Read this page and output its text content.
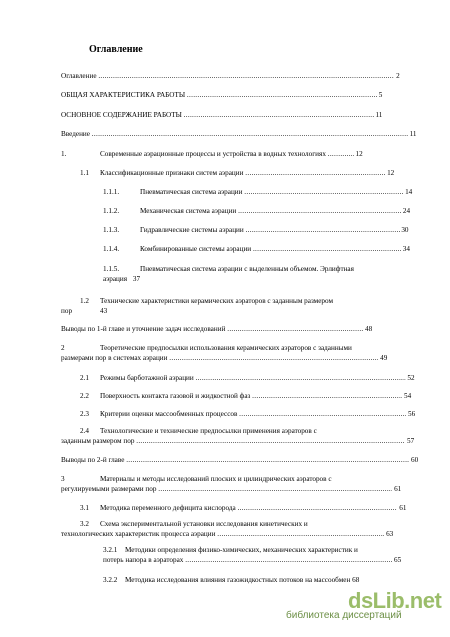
Оглавление
Оглавление .....	2
ОБЩАЯ ХАРАКТЕРИСТИКА РАБОТЫ .....	5
ОСНОВНОЕ СОДЕРЖАНИЕ РАБОТЫ .....	11
Введение .....	11
1.	Современные аэрационные процессы и устройства в водных технологиях .....	12
1.1 Классификационные признаки систем аэрации .....	12
1.1.1.	Пневматическая система аэрации .....	14
1.1.2.	Механическая система аэрации .....	24
1.1.3.	Гидравлические системы аэрации .....	30
1.1.4.	Комбинированные системы аэрации .....	34
1.1.5.	Пневматическая система аэрации с выделенным объемом. Эрлифтная
аэрация 37
1.2 Технические характеристики керамических аэраторов с заданным размером
пор	43
Выводы по 1-й главе и уточнение задач исследований .....	48
2	Теоретические предпосылки использования керамических аэраторов с заданными
размерами пор в системах аэрации .....	49
2.1 Режимы барботажной аэрации .....	52
2.2 Поверхность контакта газовой и жидкостной фаз .....	54
2.3 Критерии оценки массообменных процессов .....	56
2.4 Технологические и технические предпосылки применения аэраторов с
заданным размером пор .....	57
Выводы по 2-й главе .....	60
3	Материалы и методы исследований плоских и цилиндрических аэраторов с
регулируемыми размерами пор .....	61
3.1 Методика переменного дефицита кислорода .....	61
3.2 Схема экспериментальной установки исследования кинетических и
технологических характеристик процесса аэрации .....	63
3.2.1 Методики определения физико-химических, механических характеристик и
потерь напора в аэраторах .....	65
3.2.2 Методика исследования влияния газожидкостных потоков на массообмен 68
dsLib.net
библиотека диссертаций
